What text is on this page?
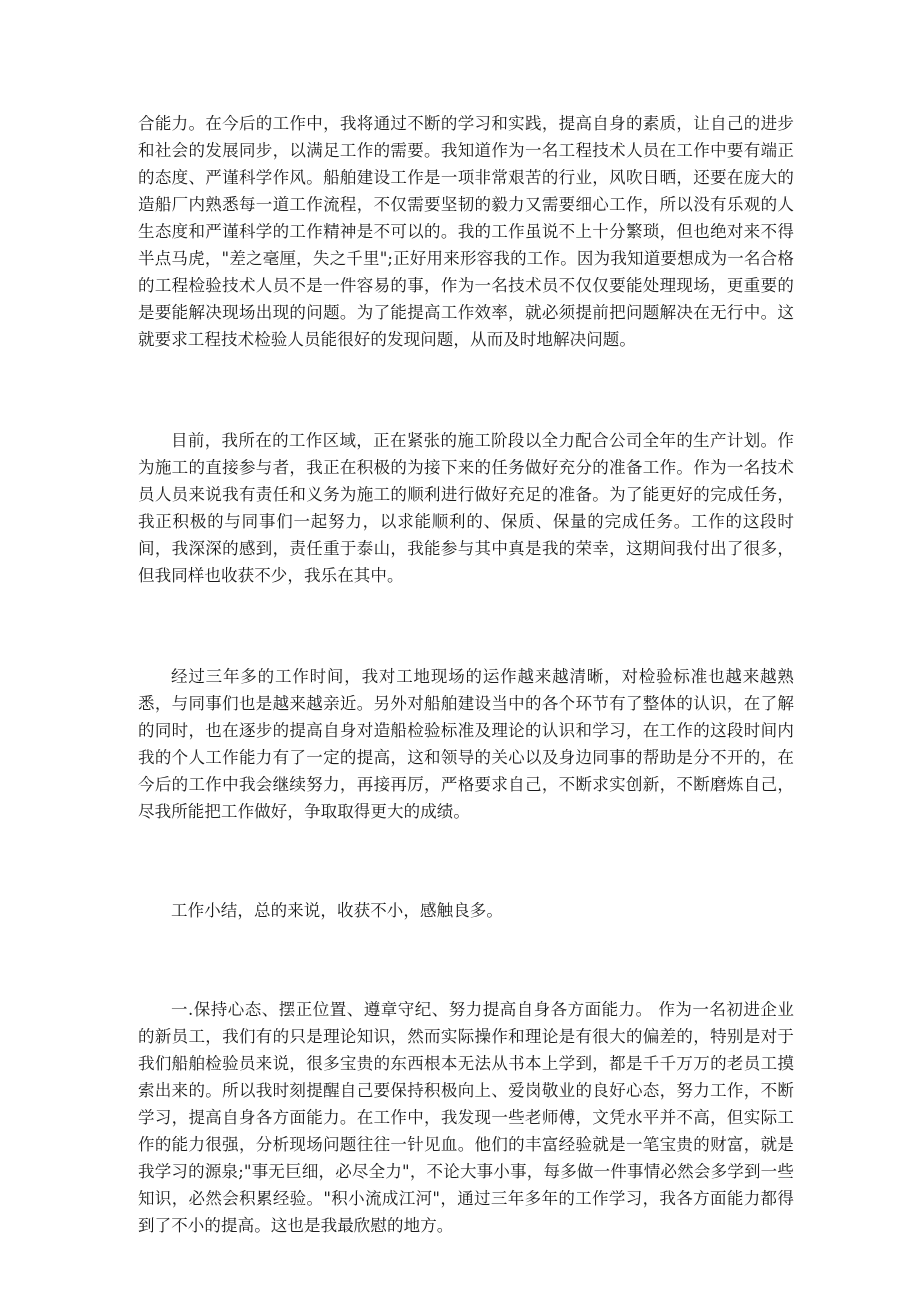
合能力。在今后的工作中，我将通过不断的学习和实践，提高自身的素质，让自己的进步和社会的发展同步，以满足工作的需要。我知道作为一名工程技术人员在工作中要有端正的态度、严谨科学作风。船舶建设工作是一项非常艰苦的行业，风吹日晒，还要在庞大的造船厂内熟悉每一道工作流程，不仅需要坚韧的毅力又需要细心工作，所以没有乐观的人生态度和严谨科学的工作精神是不可以的。我的工作虽说不上十分繁琐，但也绝对来不得半点马虎，"差之毫厘，失之千里";正好用来形容我的工作。因为我知道要想成为一名合格的工程检验技术人员不是一件容易的事，作为一名技术员不仅仅要能处理现场，更重要的是要能解决现场出现的问题。为了能提高工作效率，就必须提前把问题解决在无行中。这就要求工程技术检验人员能很好的发现问题，从而及时地解决问题。

目前，我所在的工作区域，正在紧张的施工阶段以全力配合公司全年的生产计划。作为施工的直接参与者，我正在积极的为接下来的任务做好充分的准备工作。作为一名技术员人员来说我有责任和义务为施工的顺利进行做好充足的准备。为了能更好的完成任务，我正积极的与同事们一起努力，以求能顺利的、保质、保量的完成任务。工作的这段时间，我深深的感到，责任重于泰山，我能参与其中真是我的荣幸，这期间我付出了很多，但我同样也收获不少，我乐在其中。

经过三年多的工作时间，我对工地现场的运作越来越清晰，对检验标准也越来越熟悉，与同事们也是越来越亲近。另外对船舶建设当中的各个环节有了整体的认识，在了解的同时，也在逐步的提高自身对造船检验标准及理论的认识和学习，在工作的这段时间内我的个人工作能力有了一定的提高，这和领导的关心以及身边同事的帮助是分不开的，在今后的工作中我会继续努力，再接再厉，严格要求自己，不断求实创新，不断磨炼自己，尽我所能把工作做好，争取取得更大的成绩。

工作小结，总的来说，收获不小，感触良多。

一.保持心态、摆正位置、遵章守纪、努力提高自身各方面能力。 作为一名初进企业的新员工，我们有的只是理论知识，然而实际操作和理论是有很大的偏差的，特别是对于我们船舶检验员来说，很多宝贵的东西根本无法从书本上学到，都是千千万万的老员工摸索出来的。所以我时刻提醒自己要保持积极向上、爱岗敬业的良好心态，努力工作，不断学习，提高自身各方面能力。在工作中，我发现一些老师傅，文凭水平并不高，但实际工作的能力很强，分析现场问题往往一针见血。他们的丰富经验就是一笔宝贵的财富，就是我学习的源泉;"事无巨细，必尽全力"，不论大事小事，每多做一件事情必然会多学到一些知识，必然会积累经验。"积小流成江河"，通过三年多年的工作学习，我各方面能力都得到了不小的提高。这也是我最欣慰的地方。
